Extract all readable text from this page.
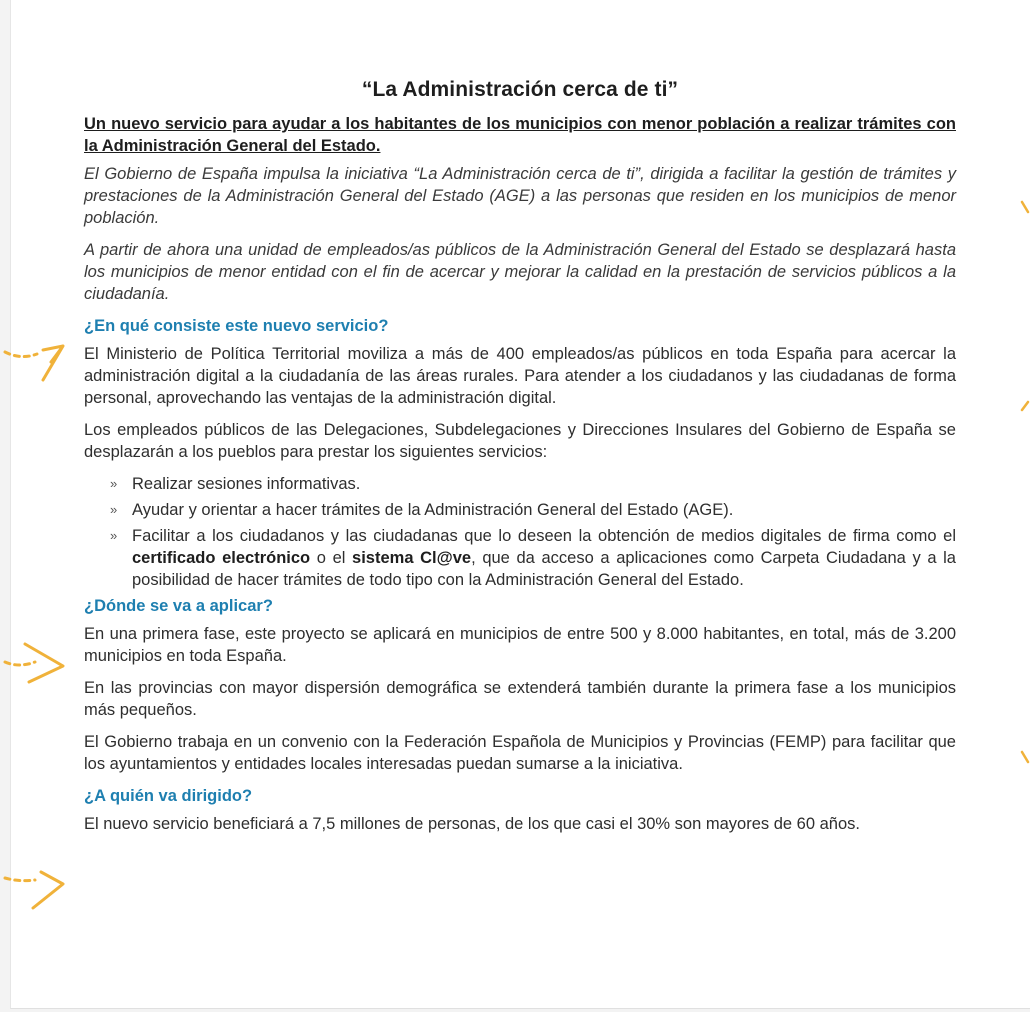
“La Administración cerca de ti”
Un nuevo servicio para ayudar a los habitantes de los municipios con menor población a realizar trámites con la Administración General del Estado.

El Gobierno de España impulsa la iniciativa “La Administración cerca de ti”, dirigida a facilitar la gestión de trámites y prestaciones de la Administración General del Estado (AGE) a las personas que residen en los municipios de menor población.

A partir de ahora una unidad de empleados/as públicos de la Administración General del Estado se desplazará hasta los municipios de menor entidad con el fin de acercar y mejorar la calidad en la prestación de servicios públicos a la ciudadanía.

¿En qué consiste este nuevo servicio?

El Ministerio de Política Territorial moviliza a más de 400 empleados/as públicos en toda España para acercar la administración digital a la ciudadanía de las áreas rurales. Para atender a los ciudadanos y las ciudadanas de forma personal, aprovechando las ventajas de la administración digital.

Los empleados públicos de las Delegaciones, Subdelegaciones y Direcciones Insulares del Gobierno de España se desplazarán a los pueblos para prestar los siguientes servicios:

» Realizar sesiones informativas.
» Ayudar y orientar a hacer trámites de la Administración General del Estado (AGE).
» Facilitar a los ciudadanos y las ciudadanas que lo deseen la obtención de medios digitales de firma como el certificado electrónico o el sistema Cl@ve, que da acceso a aplicaciones como Carpeta Ciudadana y a la posibilidad de hacer trámites de todo tipo con la Administración General del Estado.
¿Dónde se va a aplicar?

En una primera fase, este proyecto se aplicará en municipios de entre 500 y 8.000 habitantes, en total, más de 3.200 municipios en toda España.

En las provincias con mayor dispersión demográfica se extenderá también durante la primera fase a los municipios más pequeños.

El Gobierno trabaja en un convenio con la Federación Española de Municipios y Provincias (FEMP) para facilitar que los ayuntamientos y entidades locales interesadas puedan sumarse a la iniciativa.

¿A quién va dirigido?

El nuevo servicio beneficiará a 7,5 millones de personas, de los que casi el 30% son mayores de 60 años.
